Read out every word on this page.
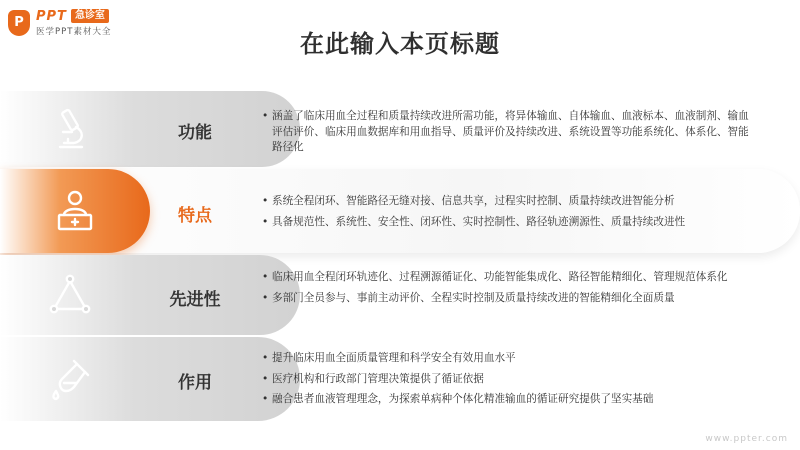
P PPT 急诊室
医学PPT素材大全	在此输入本页标题
功能
• 涵盖了临床用血全过程和质量持续改进所需功能，将异体输血、自体输血、血液标本、血液制剂、输血评估评价、临床用血数据库和用血指导、质量评价及持续改进、系统设置等功能系统化、体系化、智能路径化
特点
• 系统全程闭环、智能路径无缝对接、信息共享，过程实时控制、质量持续改进智能分析
• 具备规范性、系统性、安全性、闭环性、实时控制性、路径轨迹溯源性、质量持续改进性
先进性
• 临床用血全程闭环轨迹化、过程溯源循证化、功能智能集成化、路径智能精细化、管理规范体系化
• 多部门全员参与、事前主动评价、全程实时控制及质量持续改进的智能精细化全面质量
作用
• 提升临床用血全面质量管理和科学安全有效用血水平
• 医疗机构和行政部门管理决策提供了循证依据
• 融合患者血液管理理念，为探索单病种个体化精准输血的循证研究提供了坚实基础
www.ppter.com
